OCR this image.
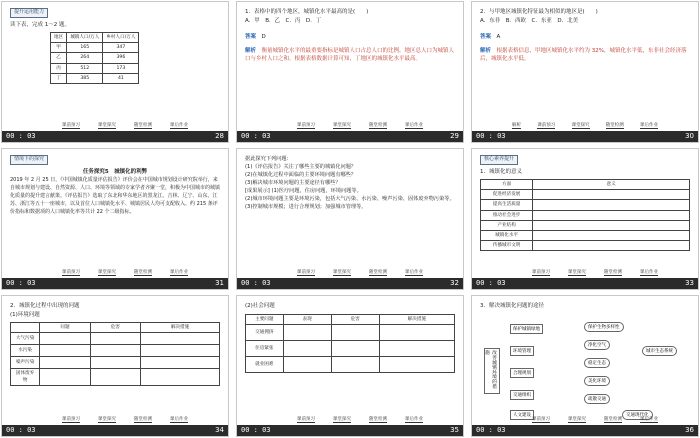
提升运用能力
读下表，完成 1～2 题。
地区	城镇人口/万人	乡村人口/万人
甲	165	347
乙	264	396
丙	512	173
丁	385	41
课前预习	课堂探究	随堂检测	课后作业
00 : 03	28
1．表格中的四个地区，城镇化水平最高的是(　　)
A．甲　B．乙　C．丙　D．丁
答案　 D
解析　 衡量城镇化水平的最重要指标是城镇人口占总人口的比例。地区总人口为城镇人口与乡村人口之和。根据表格数据计算可知，丁地区的城镇化水平最高。
课前预习	课堂探究	随堂检测	课后作业
00 : 03	29
2．与甲地区城镇化特征最为相似的地区是(　　)
A．东非　B．西欧　C．东亚　D．北美
答案　 A
解析　 根据表格信息，甲地区城镇化水平约为 32%，城镇化水平低，东非社会经济落后，城镇化水平低。
解析	课前预习	课堂探究	随堂检测	课后作业
00 : 03	30
情境下的探究
任务探究5　城镇化的利弊
2019 年 2 月 25 日，《中国城镇化质量评估报告》评价会在中国城市规划设计研究院举行，来自城市规划与建设、自然资源、人口、环境等领域的专家学者齐聚一堂，积极为中国城市的城镇化质量的提升建言献策。《评估报告》选取了东北和华东地区的黑龙江、吉林、辽宁、山东、江苏、浙江等五十一座城市，以及首位人口城镇化水平、城镇居民人均可支配收入、约 215 条评价指标和数据项的人口城镇化率等共计 22 个二级指标。
课前预习	课堂探究	随堂检测	课后作业
00 : 03	31
据此探究下列问题：
(1)《评估报告》关注了哪些主要的城镇化问题？
(2)在城镇化过程中面临的主要环境问题有哪些？
(3)解决城市环境问题的主要途径有哪些？
[成果展示] (1)医疗问题，住房问题，环境问题等。
(2)城市环境问题主要是环境污染，包括大气污染、水污染、噪声污染、固体废弃物污染等。
(3)控制城市规模；进行合理规划；加强城市管理等。
课前预习	课堂探究	随堂检测	课后作业
00 : 03	32
核心素养提升
1．城镇化的意义
方面	意义
促进经济发展	
提高生活质量	
推动社会进步	
产业结构	
城镇化水平	
传播城市文明	
课前预习	课堂探究	随堂检测	课后作业
00 : 03	33
2．城镇化过程中出现的问题
(1)环境问题
	问题	危害	解决措施
大气污染			
水污染			
噪声污染			
固体废弃物			
课前预习	课堂探究	随堂检测	课后作业
00 : 03	34
(2)社会问题
主要问题	表现	危害	解决措施
交通拥挤			
住房紧张			
就业困难			
课前预习	课堂探究	随堂检测	课后作业
00 : 03	35
3．解决城镇化问题的途径
改善城镇环境的措施
保护城镇绿地
环境管理
合理规划
交通组织
人文建设
保护生物多样性
净化空气
城市生态系统
稳定生态
美化环境
疏散交通
交通现代化
课前预习	课堂探究	随堂检测	课后作业
00 : 03	36
